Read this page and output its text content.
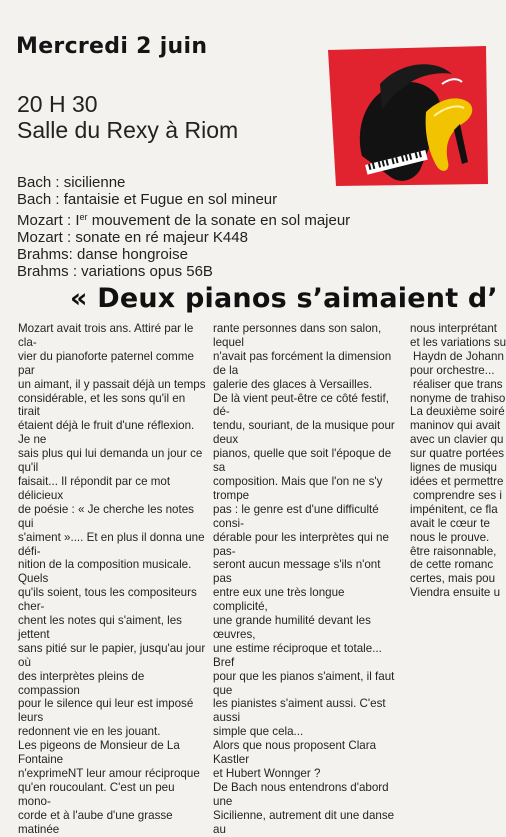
Mercredi 2 juin
20 H 30
Salle du Rexy à Riom
Bach : sicilienne
Bach : fantaisie et Fugue en sol mineur
Mozart : Ier mouvement de la sonate en sol majeur
Mozart : sonate en ré majeur K448
Brahms: danse hongroise
Brahms : variations opus 56B
« Deux pianos s’aimaient d’

Mozart avait trois ans. Attiré par le cla-

vier du pianoforte paternel comme par

un aimant, il y passait déjà un temps

considérable, et les sons qu'il en tirait

étaient déjà le fruit d'une réflexion. Je ne

sais plus qui lui demanda un jour ce qu'il

faisait... Il répondit par ce mot délicieux

de poésie : « Je cherche les notes qui

s'aiment ».... Et en plus il donna une défi-

nition de la composition musicale. Quels

qu'ils soient, tous les compositeurs cher-

chent les notes qui s'aiment, les jettent

sans pitié sur le papier, jusqu'au jour où

des interprètes pleins de compassion

pour le silence qui leur est imposé leurs

redonnent vie en les jouant.

Les pigeons de Monsieur de La Fontaine

n'exprimeNT leur amour réciproque

qu'en roucoulant. C'est un peu mono-

corde et à l'aube d'une grasse matinée

rante personnes dans son salon, lequel

n'avait pas forcément la dimension de la

galerie des glaces à Versailles.

De là vient peut-être ce côté festif, dé-

tendu, souriant, de la musique pour deux

pianos, quelle que soit l'époque de sa

composition. Mais que l'on ne s'y trompe

pas : le genre est d'une difficulté consi-

dérable pour les interprètes qui ne pas-

seront aucun message s'ils n'ont pas

entre eux une très longue complicité,

une grande humilité devant les œuvres,

une estime réciproque et totale... Bref

pour que les pianos s'aiment, il faut que

les pianistes s'aiment aussi. C'est aussi

simple que cela...

Alors que nous proposent Clara Kastler

et Hubert Wonnger ?

De Bach nous entendrons d'abord une

Sicilienne, autrement dit une danse au

nous interprétant

et les variations su

Haydn de Johann

pour orchestre...

réaliser que trans

nonyme de trahiso

La deuxième soiré

maninov qui avait

avec un clavier qu

sur quatre portées

lignes de musiqu

idées et permettre

comprendre ses i

impénitent, ce fla

avait le cœur te

nous le prouve.

être raisonnable,

de cette romanc

certes, mais pou

Viendra ensuite u
